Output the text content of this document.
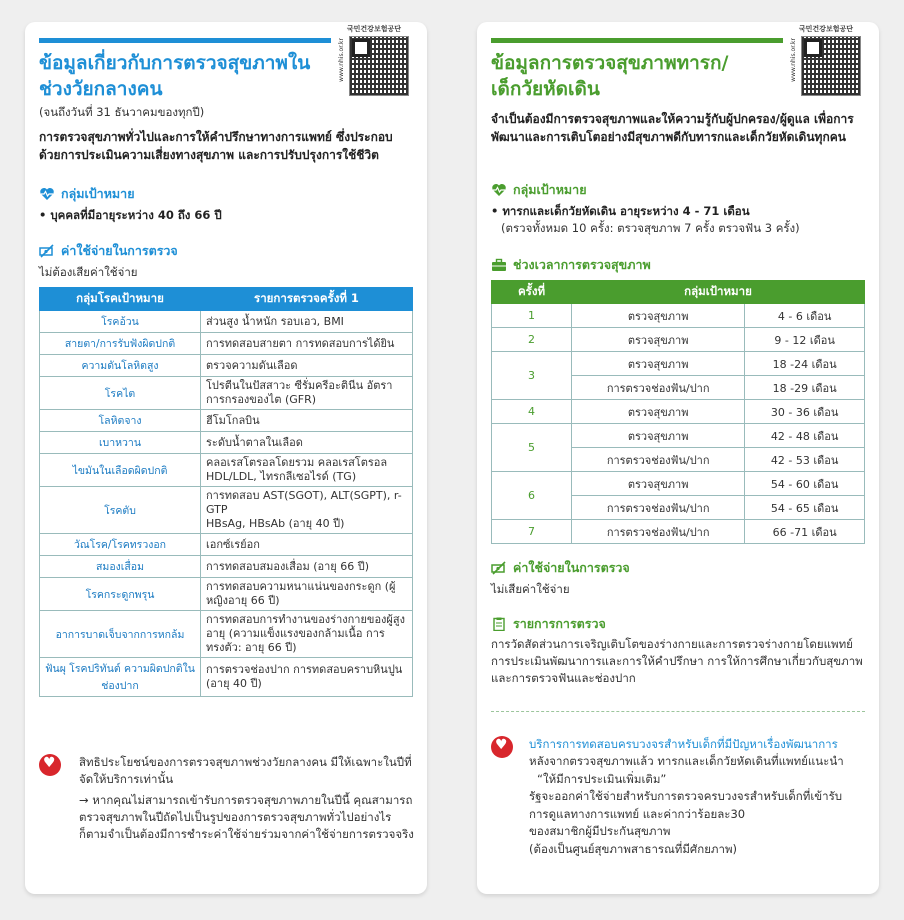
국민건강보험공단
www.nhis.or.kr
ข้อมูลเกี่ยวกับการตรวจสุขภาพในช่วงวัยกลางคน
(จนถึงวันที่ 31 ธันวาคมของทุกปี)
การตรวจสุขภาพทั่วไปและการให้คำปรึกษาทางการแพทย์ ซึ่งประกอบด้วยการประเมินความเสี่ยงทางสุขภาพ และการปรับปรุงการใช้ชีวิต
กลุ่มเป้าหมาย
• บุคคลที่มีอายุระหว่าง 40 ถึง 66 ปี
ค่าใช้จ่ายในการตรวจ
ไม่ต้องเสียค่าใช้จ่าย
กลุ่มโรคเป้าหมาย	รายการตรวจครั้งที่ 1
โรคอ้วน	ส่วนสูง น้ำหนัก รอบเอว, BMI
สายตา/การรับฟังผิดปกติ	การทดสอบสายตา การทดสอบการได้ยิน
ความดันโลหิตสูง	ตรวจความดันเลือด
โรคไต	โปรตีนในปัสสาวะ ซีรั่มครีอะตินีน อัตราการกรองของไต (GFR)
โลหิตจาง	ฮีโมโกลบิน
เบาหวาน	ระดับน้ำตาลในเลือด
ไขมันในเลือดผิดปกติ	คลอเรสโตรอลโดยรวม คลอเรสโตรอล HDL/LDL, ไทรกลีเซอไรด์ (TG)
โรคตับ	การทดสอบ AST(SGOT), ALT(SGPT), r-GTP
HBsAg, HBsAb (อายุ 40 ปี)
วัณโรค/โรคทรวงอก	เอกซ์เรย์อก
สมองเสื่อม	การทดสอบสมองเสื่อม (อายุ 66 ปี)
โรคกระดูกพรุน	การทดสอบความหนาแน่นของกระดูก (ผู้หญิงอายุ 66 ปี)
อาการบาดเจ็บจากการหกล้ม	การทดสอบการทำงานของร่างกายของผู้สูงอายุ (ความแข็งแรงของกล้ามเนื้อ การทรงตัว: อายุ 66 ปี)
ฟันผุ โรคปริทันต์ ความผิดปกติในช่องปาก	การตรวจช่องปาก การทดสอบคราบหินปูน (อายุ 40 ปี)
♥
สิทธิประโยชน์ของการตรวจสุขภาพช่วงวัยกลางคน มีให้เฉพาะในปีที่จัดให้บริการเท่านั้น
→ หากคุณไม่สามารถเข้ารับการตรวจสุขภาพภายในปีนี้ คุณสามารถตรวจสุขภาพในปีถัดไปเป็นรูปของการตรวจสุขภาพทั่วไปอย่างไรก็ตามจำเป็นต้องมีการชำระค่าใช้จ่ายร่วมจากค่าใช้จ่ายการตรวจจริง
국민건강보험공단
www.nhis.or.kr
ข้อมูลการตรวจสุขภาพทารก/เด็กวัยหัดเดิน
จำเป็นต้องมีการตรวจสุขภาพและให้ความรู้กับผู้ปกครอง/ผู้ดูแล เพื่อการพัฒนาและการเติบโตอย่างมีสุขภาพดีกับทารกและเด็กวัยหัดเดินทุกคน
กลุ่มเป้าหมาย
• ทารกและเด็กวัยหัดเดิน อายุระหว่าง 4 - 71 เดือน
(ตรวจทั้งหมด 10 ครั้ง: ตรวจสุขภาพ 7 ครั้ง ตรวจฟัน 3 ครั้ง)
ช่วงเวลาการตรวจสุขภาพ
ครั้งที่	กลุ่มเป้าหมาย	
1	ตรวจสุขภาพ	4 - 6 เดือน
2	ตรวจสุขภาพ	9 - 12 เดือน
3	ตรวจสุขภาพ	18 -24 เดือน
	การตรวจช่องฟัน/ปาก	18 -29 เดือน
4	ตรวจสุขภาพ	30 - 36 เดือน
5	ตรวจสุขภาพ	42 - 48 เดือน
	การตรวจช่องฟัน/ปาก	42 - 53 เดือน
6	ตรวจสุขภาพ	54 - 60 เดือน
	การตรวจช่องฟัน/ปาก	54 - 65 เดือน
7	การตรวจช่องฟัน/ปาก	66 -71 เดือน
ค่าใช้จ่ายในการตรวจ
ไม่เสียค่าใช้จ่าย
รายการการตรวจ
การวัดสัดส่วนการเจริญเติบโตของร่างกายและการตรวจร่างกายโดยแพทย์ การประเมินพัฒนาการและการให้คำปรึกษา การให้การศึกษาเกี่ยวกับสุขภาพและการตรวจฟันและช่องปาก
♥
บริการการทดสอบครบวงจรสำหรับเด็กที่มีปัญหาเรื่องพัฒนาการ
หลังจากตรวจสุขภาพแล้ว ทารกและเด็กวัยหัดเดินที่แพทย์แนะนำ
“ให้มีการประเมินเพิ่มเติม”
รัฐจะออกค่าใช้จ่ายสำหรับการตรวจครบวงจรสำหรับเด็กที่เข้ารับ
การดูแลทางการแพทย์ และค่ากว่าร้อยละ30
ของสมาชิกผู้มีประกันสุขภาพ
(ต้องเป็นศูนย์สุขภาพสาธารณที่มีศักยภาพ)
